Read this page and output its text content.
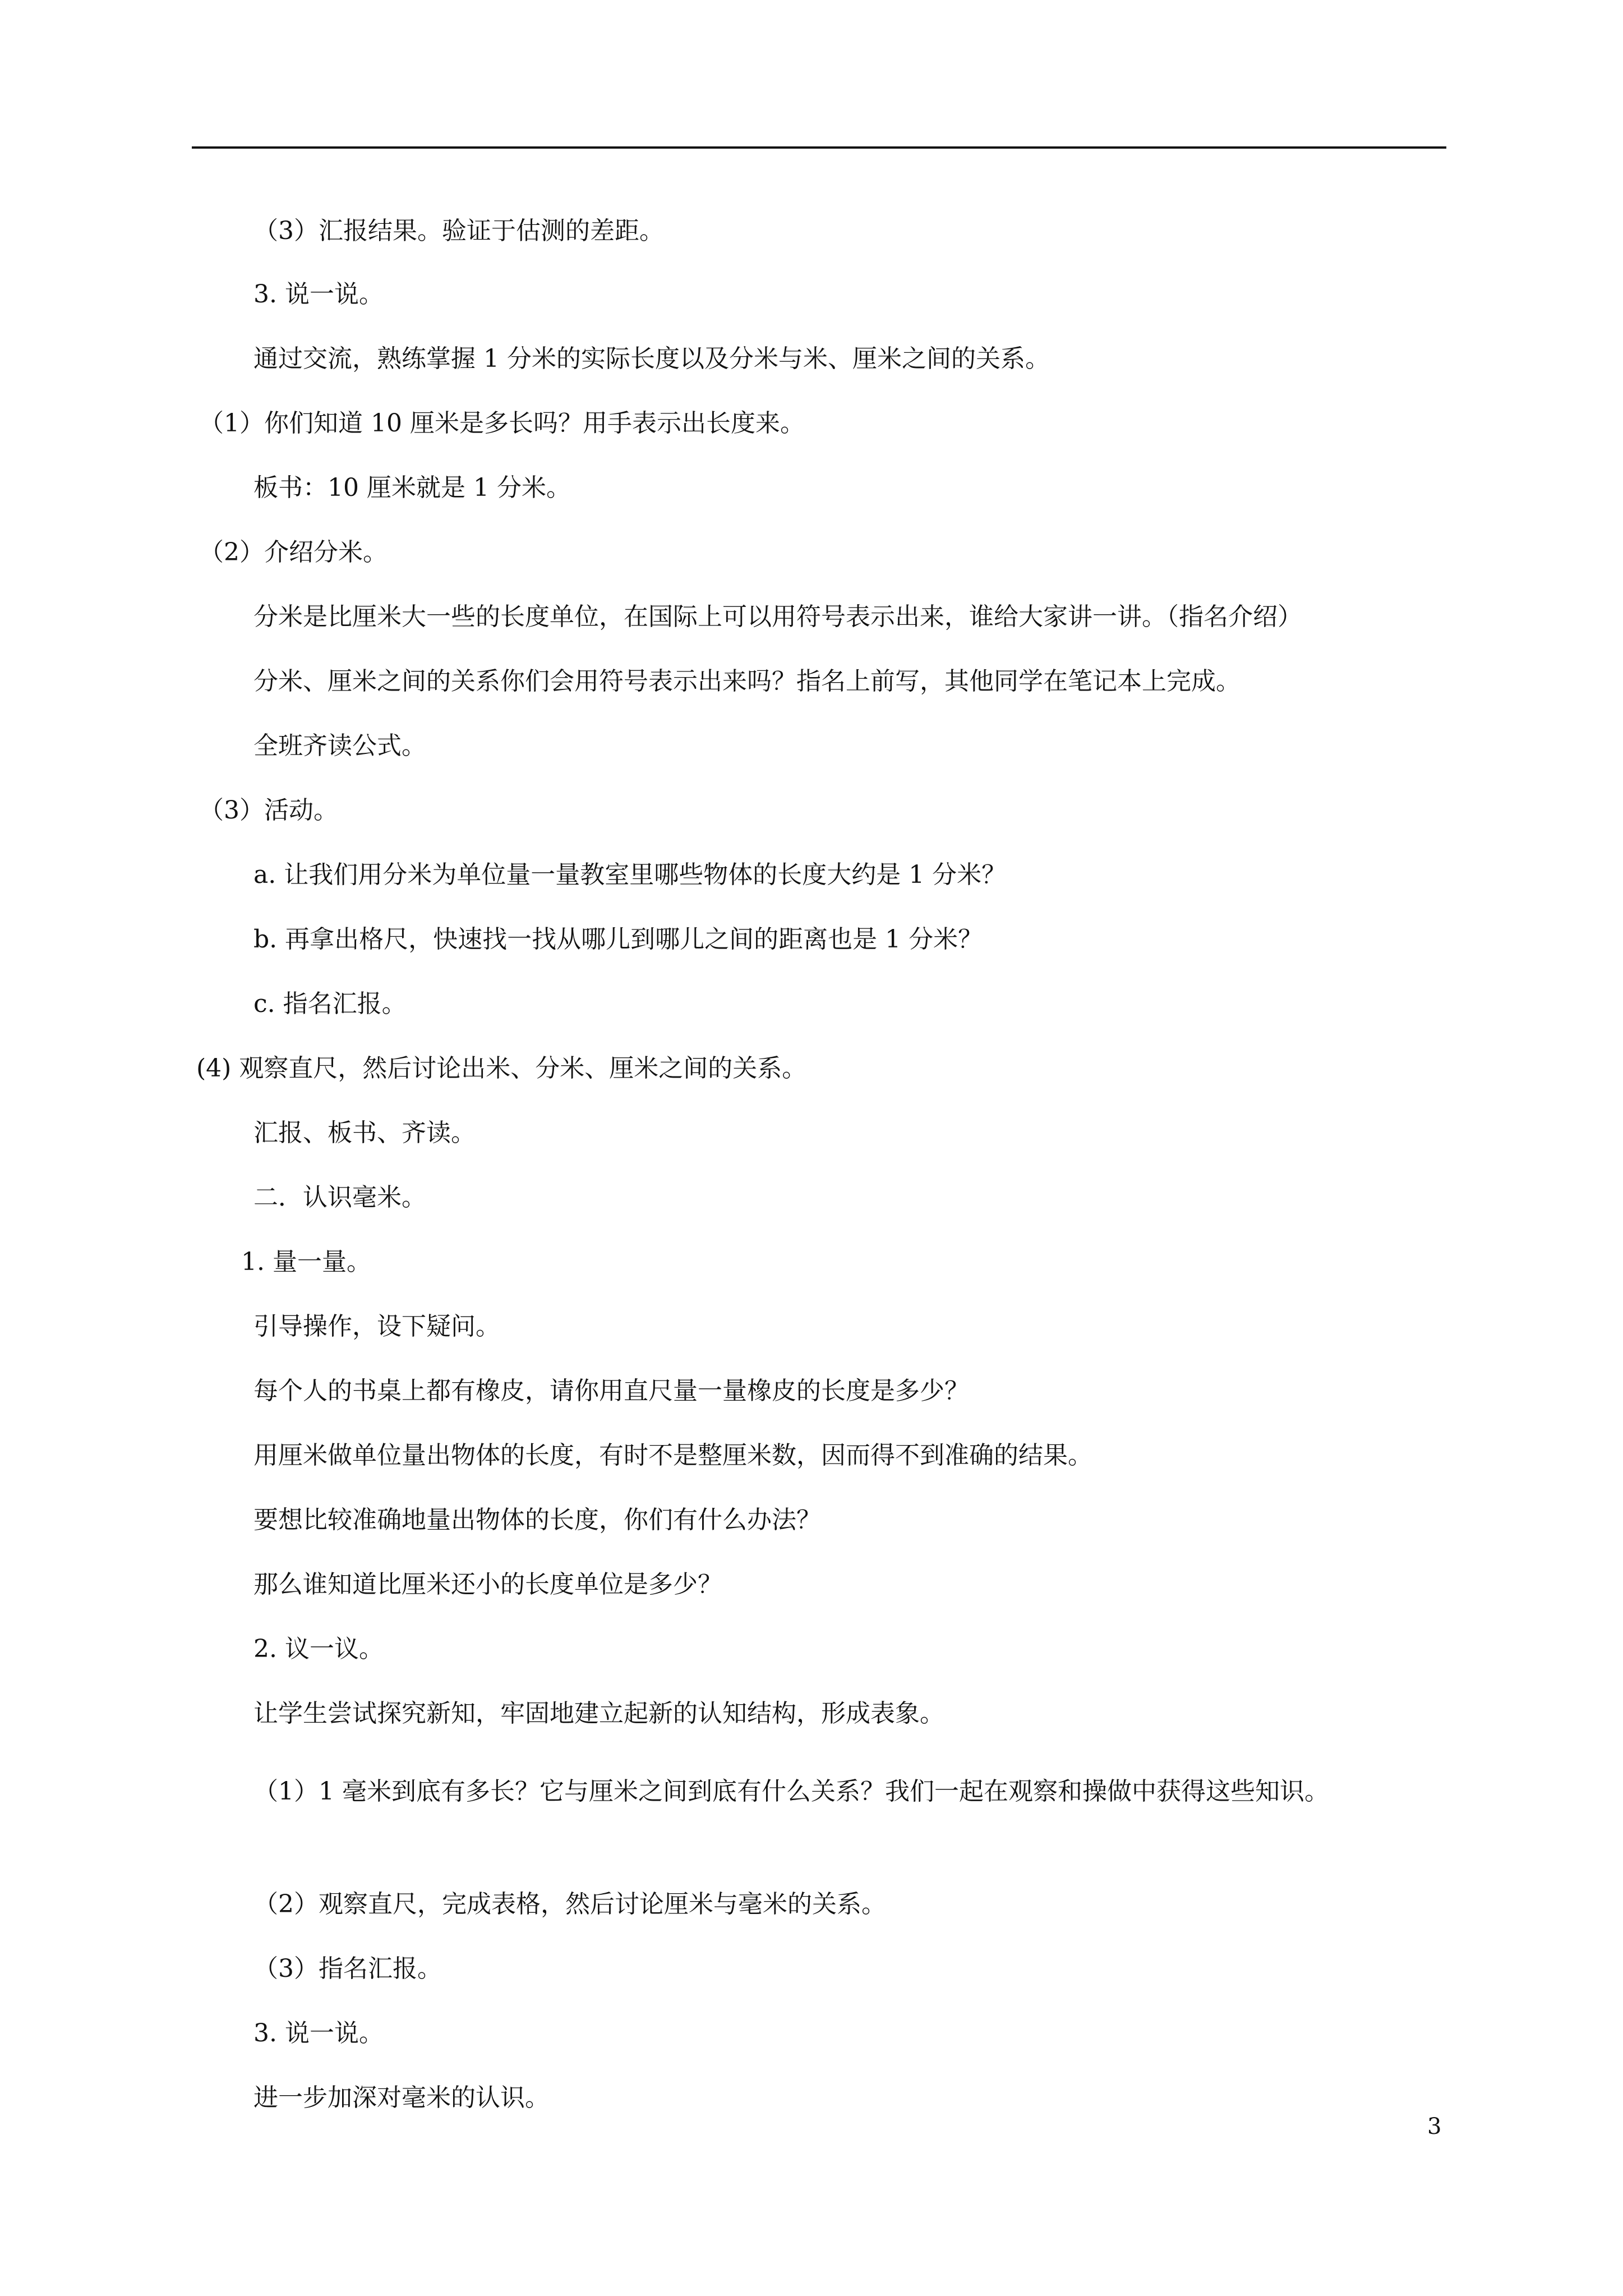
（3）汇报结果。验证于估测的差距。
3. 说一说。
通过交流，熟练掌握 1 分米的实际长度以及分米与米、厘米之间的关系。
（1）你们知道 10 厘米是多长吗？用手表示出长度来。
板书：10 厘米就是 1 分米。
（2）介绍分米。
分米是比厘米大一些的长度单位，在国际上可以用符号表示出来，谁给大家讲一讲。（指名介绍）
分米、厘米之间的关系你们会用符号表示出来吗？指名上前写，其他同学在笔记本上完成。
全班齐读公式。
（3）活动。
a. 让我们用分米为单位量一量教室里哪些物体的长度大约是 1 分米？
b. 再拿出格尺，快速找一找从哪儿到哪儿之间的距离也是 1 分米？
c. 指名汇报。
(4) 观察直尺，然后讨论出米、分米、厘米之间的关系。
汇报、板书、齐读。
二．认识毫米。
1. 量一量。
引导操作，设下疑问。
每个人的书桌上都有橡皮，请你用直尺量一量橡皮的长度是多少？
用厘米做单位量出物体的长度，有时不是整厘米数，因而得不到准确的结果。
要想比较准确地量出物体的长度，你们有什么办法？
那么谁知道比厘米还小的长度单位是多少？
2. 议一议。
让学生尝试探究新知，牢固地建立起新的认知结构，形成表象。
（1）1 毫米到底有多长？它与厘米之间到底有什么关系？我们一起在观察和操做中获得这些知识。
（2）观察直尺，完成表格，然后讨论厘米与毫米的关系。
（3）指名汇报。
3. 说一说。
进一步加深对毫米的认识。
3
